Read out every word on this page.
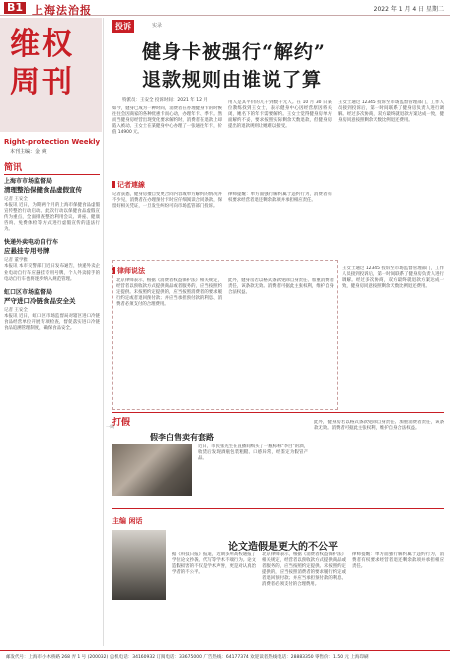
B1 上海法治报	2022 年 1 月 4 日 星期二
维权
周刊
Right-protection Weekly
本刊主编：金 爽
简讯
上海市市场监督局
清理整治保健食品虚假宣传
记者 王安全
本报讯 近日，为期两个月的上海市保健食品虚假宣传整治行动启动。此次行动以保健食品虚假宣传为重点，全面排查整治利用会议、讲座、健康咨询、免费体检等方式进行虚假宣传的违法行为。
快递外卖电动自行车
应悬挂专用号牌
记者 董学雅
本报讯 本市交警部门近日发布通告，快递外卖企业电动自行车应悬挂专用号牌，个人外卖骑手的电动自行车也将逐步纳入规范管理。
虹口区市场监督局
严守进口冷链食品安全关
记者 王安全
本报讯 近日，虹口区市场监督局对辖区进口冷链食品经营单位开展专项检查，督促落实进口冷链食品追溯管理制度，确保食品安全。
投诉	实录
健身卡被强行“解约”
退款规则由谁说了算
特派员：王安全 投诉时间：2021 年 12 月
如今，健身已成为一种时尚，消费者在办理健身卡的时候往往会因商家的各种优惠卡而心动，办理年卡、季卡。然而当健身房经营出现变化要求解约时，消费者在退款上却陷入被动。王女士在某健身中心办理了一张通往年卡，价值 14900 元。
用人是其平价的几千到数千元人。在 10 月 30 日某位教练找到王女士，表示健身中心因经营原因将关闭，她名下的年卡需要解约。王女士觉得健身房单方面解约不妥，要求按照实际剩余天数退款，但健身房提出的退款规则让她难以接受。
王女士通过 12345 投诉至市场监督管理部门，工作人员接到投诉后，第一时间联系了健身房负责人进行调解。经过多次协商，双方最终就退款方案达成一致，健身房同意按照剩余天数比例退还费用。
记者連線
记者获悉，健身房擅自变更合同内容或单方解约的情况并不少见，消费者在办理预付卡时应仔细阅读合同条款，保留好相关凭证，一旦发生纠纷可向市场监管部门投诉。
律师提醒：单方面强行解约属于违约行为，消费者有权要求经营者退还剩余款项并承担相应责任。
律师说法
北京律师表示，根据《消费者权益保护法》相关规定，经营者以预收款方式提供商品或者服务的，应当按照约定提供。未按照约定提供的，应当按照消费者的要求履行约定或者退回预付款；并应当承担预付款的利息、消费者必须支付的合理费用。
此外，健身房若以格式条款免除自身责任、加重消费者责任，该条款无效。消费者可据此主张权利，维护自身合法权益。
王女士通过 12345 投诉至市场监督管理部门，工作人员接到投诉后，第一时间联系了健身房负责人进行调解。经过多次协商，双方最终就退款方案达成一致，健身房同意按照剩余天数比例退还费用。
一周
打假
假李白售卖有套路
近日，市民张先生在直播间购买了一瓶标称“李白”的酒，收货后发现酒瓶包装粗糙、口感异常，经鉴定为假冒产品。
此外，健身房若以格式条款免除自身责任、加重消费者责任，该条款无效。消费者可据此主张权利，维护自身合法权益。
主编 闲话
论文造假是更大的不公平
据《科技日报》报道，近期多所高校通报了学位论文抄袭、代写等学术不端行为。论文造假损害的不仅是学术声誉，更是对认真治学者的不公平。
北京律师表示，根据《消费者权益保护法》相关规定，经营者以预收款方式提供商品或者服务的，应当按照约定提供。未按照约定提供的，应当按照消费者的要求履行约定或者退回预付款；并应当承担预付款的利息、消费者必须支付的合理费用。
律师提醒：单方面强行解约属于违约行为，消费者有权要求经营者退还剩余款项并承担相应责任。
邮发代号：上海市小木桥路 268 弄 1 号 (200032) 总机电话：34160932 订阅电话：33675000 广告热线：64177374 欢迎读者热线电话：28883350 零售价：1.50 元 上海印刷
